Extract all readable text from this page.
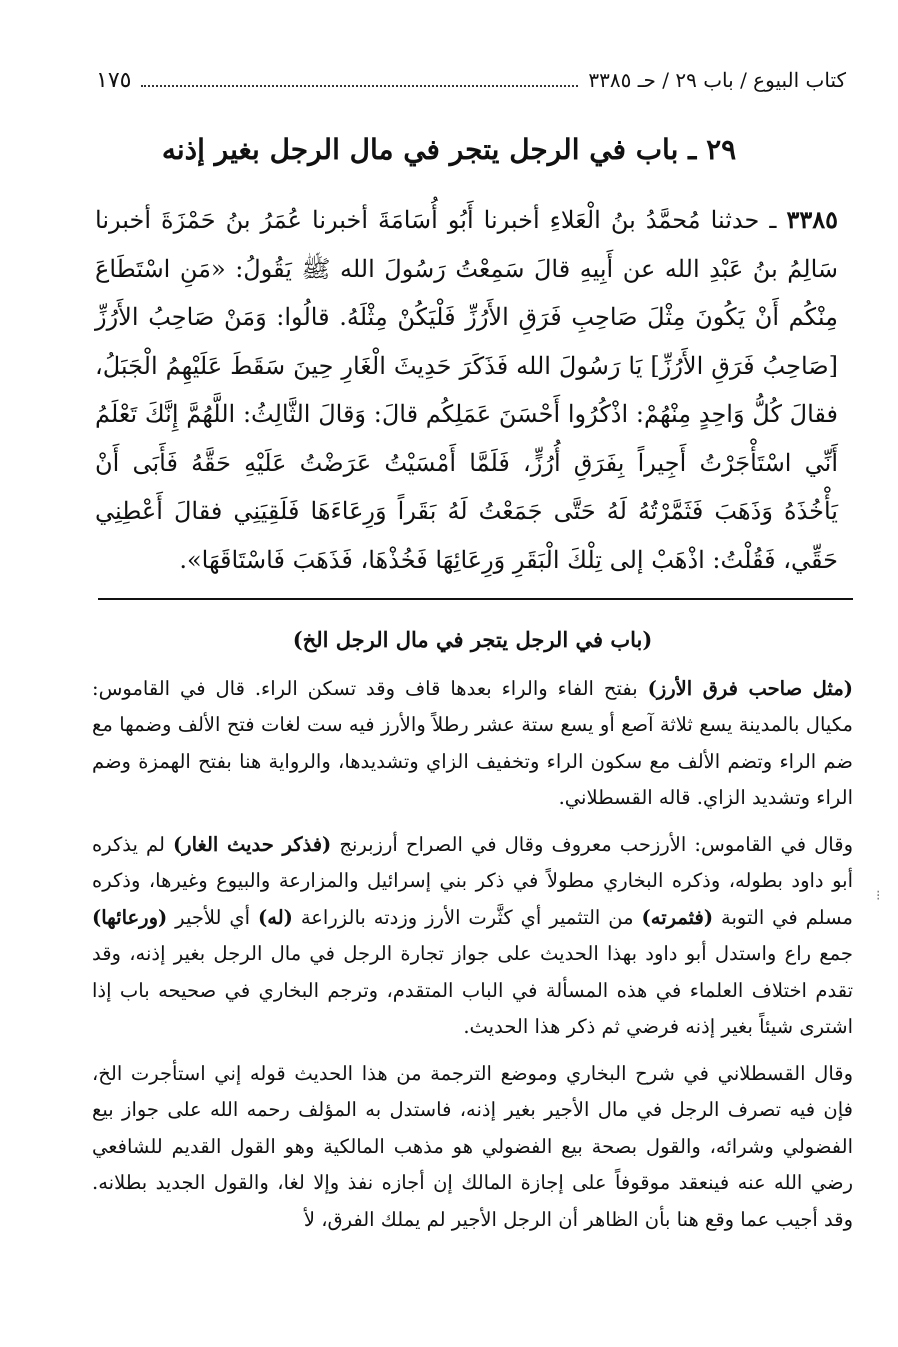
كتاب البيوع / باب ٢٩ / حـ ٣٣٨٥
١٧٥
٢٩ ـ باب في الرجل يتجر في مال الرجل بغير إذنه
٣٣٨٥ ـ حدثنا مُحمَّدُ بنُ الْعَلاءِ أخبرنا أَبُو أُسَامَةَ أخبرنا عُمَرُ بنُ حَمْزَةَ أخبرنا سَالِمُ بنُ عَبْدِ الله عن أَبِيهِ قالَ سَمِعْتُ رَسُولَ الله ﷺ يَقُولُ: «مَنِ اسْتَطَاعَ مِنْكُم أَنْ يَكُونَ مِثْلَ صَاحِبِ فَرَقِ الأَرُزِّ فَلْيَكُنْ مِثْلَهُ. قالُوا: وَمَنْ صَاحِبُ الأَرُزِّ [صَاحِبُ فَرَقِ الأَرُزِّ] يَا رَسُولَ الله فَذَكَرَ حَدِيثَ الْغَارِ حِينَ سَقَطَ عَلَيْهِمُ الْجَبَلُ، فقالَ كُلُّ وَاحِدٍ مِنْهُمْ: اذْكُرُوا أَحْسَنَ عَمَلِكُم قالَ: وَقالَ الثَّالِثُ: اللَّهُمَّ إِنَّكَ تَعْلَمُ أَنِّي اسْتَأْجَرْتُ أَجِيراً بِفَرَقِ أُرُزٍّ، فَلَمَّا أَمْسَيْتُ عَرَضْتُ عَلَيْهِ حَقَّهُ فَأَبَى أَنْ يَأْخُذَهُ وَذَهَبَ فَثَمَّرْتُهُ لَهُ حَتَّى جَمَعْتُ لَهُ بَقَراً وَرِعَاءَهَا فَلَقِيَنِي فقالَ أَعْطِنِي حَقِّي، فَقُلْتُ: اذْهَبْ إلى تِلْكَ الْبَقَرِ وَرِعَائِهَا فَخُذْهَا، فَذَهَبَ فَاسْتَاقَهَا».
(باب في الرجل يتجر في مال الرجل الخ)

(مثل صاحب فرق الأرز) بفتح الفاء والراء بعدها قاف وقد تسكن الراء. قال في القاموس: مكيال بالمدينة يسع ثلاثة آصع أو يسع ستة عشر رطلاً والأرز فيه ست لغات فتح الألف وضمها مع ضم الراء وتضم الألف مع سكون الراء وتخفيف الزاي وتشديدها، والرواية هنا بفتح الهمزة وضم الراء وتشديد الزاي. قاله القسطلاني.

وقال في القاموس: الأرزحب معروف وقال في الصراح أرزبرنج (فذكر حديث الغار) لم يذكره أبو داود بطوله، وذكره البخاري مطولاً في ذكر بني إسرائيل والمزارعة والبيوع وغيرها، وذكره مسلم في التوبة (فثمرته) من التثمير أي كثَّرت الأرز وزدته بالزراعة (له) أي للأجير (ورعائها) جمع راع واستدل أبو داود بهذا الحديث على جواز تجارة الرجل في مال الرجل بغير إذنه، وقد تقدم اختلاف العلماء في هذه المسألة في الباب المتقدم، وترجم البخاري في صحيحه باب إذا اشترى شيئاً بغير إذنه فرضي ثم ذكر هذا الحديث.

وقال القسطلاني في شرح البخاري وموضع الترجمة من هذا الحديث قوله إني استأجرت الخ، فإن فيه تصرف الرجل في مال الأجير بغير إذنه، فاستدل به المؤلف رحمه الله على جواز بيع الفضولي وشرائه، والقول بصحة بيع الفضولي هو مذهب المالكية وهو القول القديم للشافعي رضي الله عنه فينعقد موقوفاً على إجازة المالك إن أجازه نفذ وإلا لغا، والقول الجديد بطلانه. وقد أجيب عما وقع هنا بأن الظاهر أن الرجل الأجير لم يملك الفرق، لأ

⁝
